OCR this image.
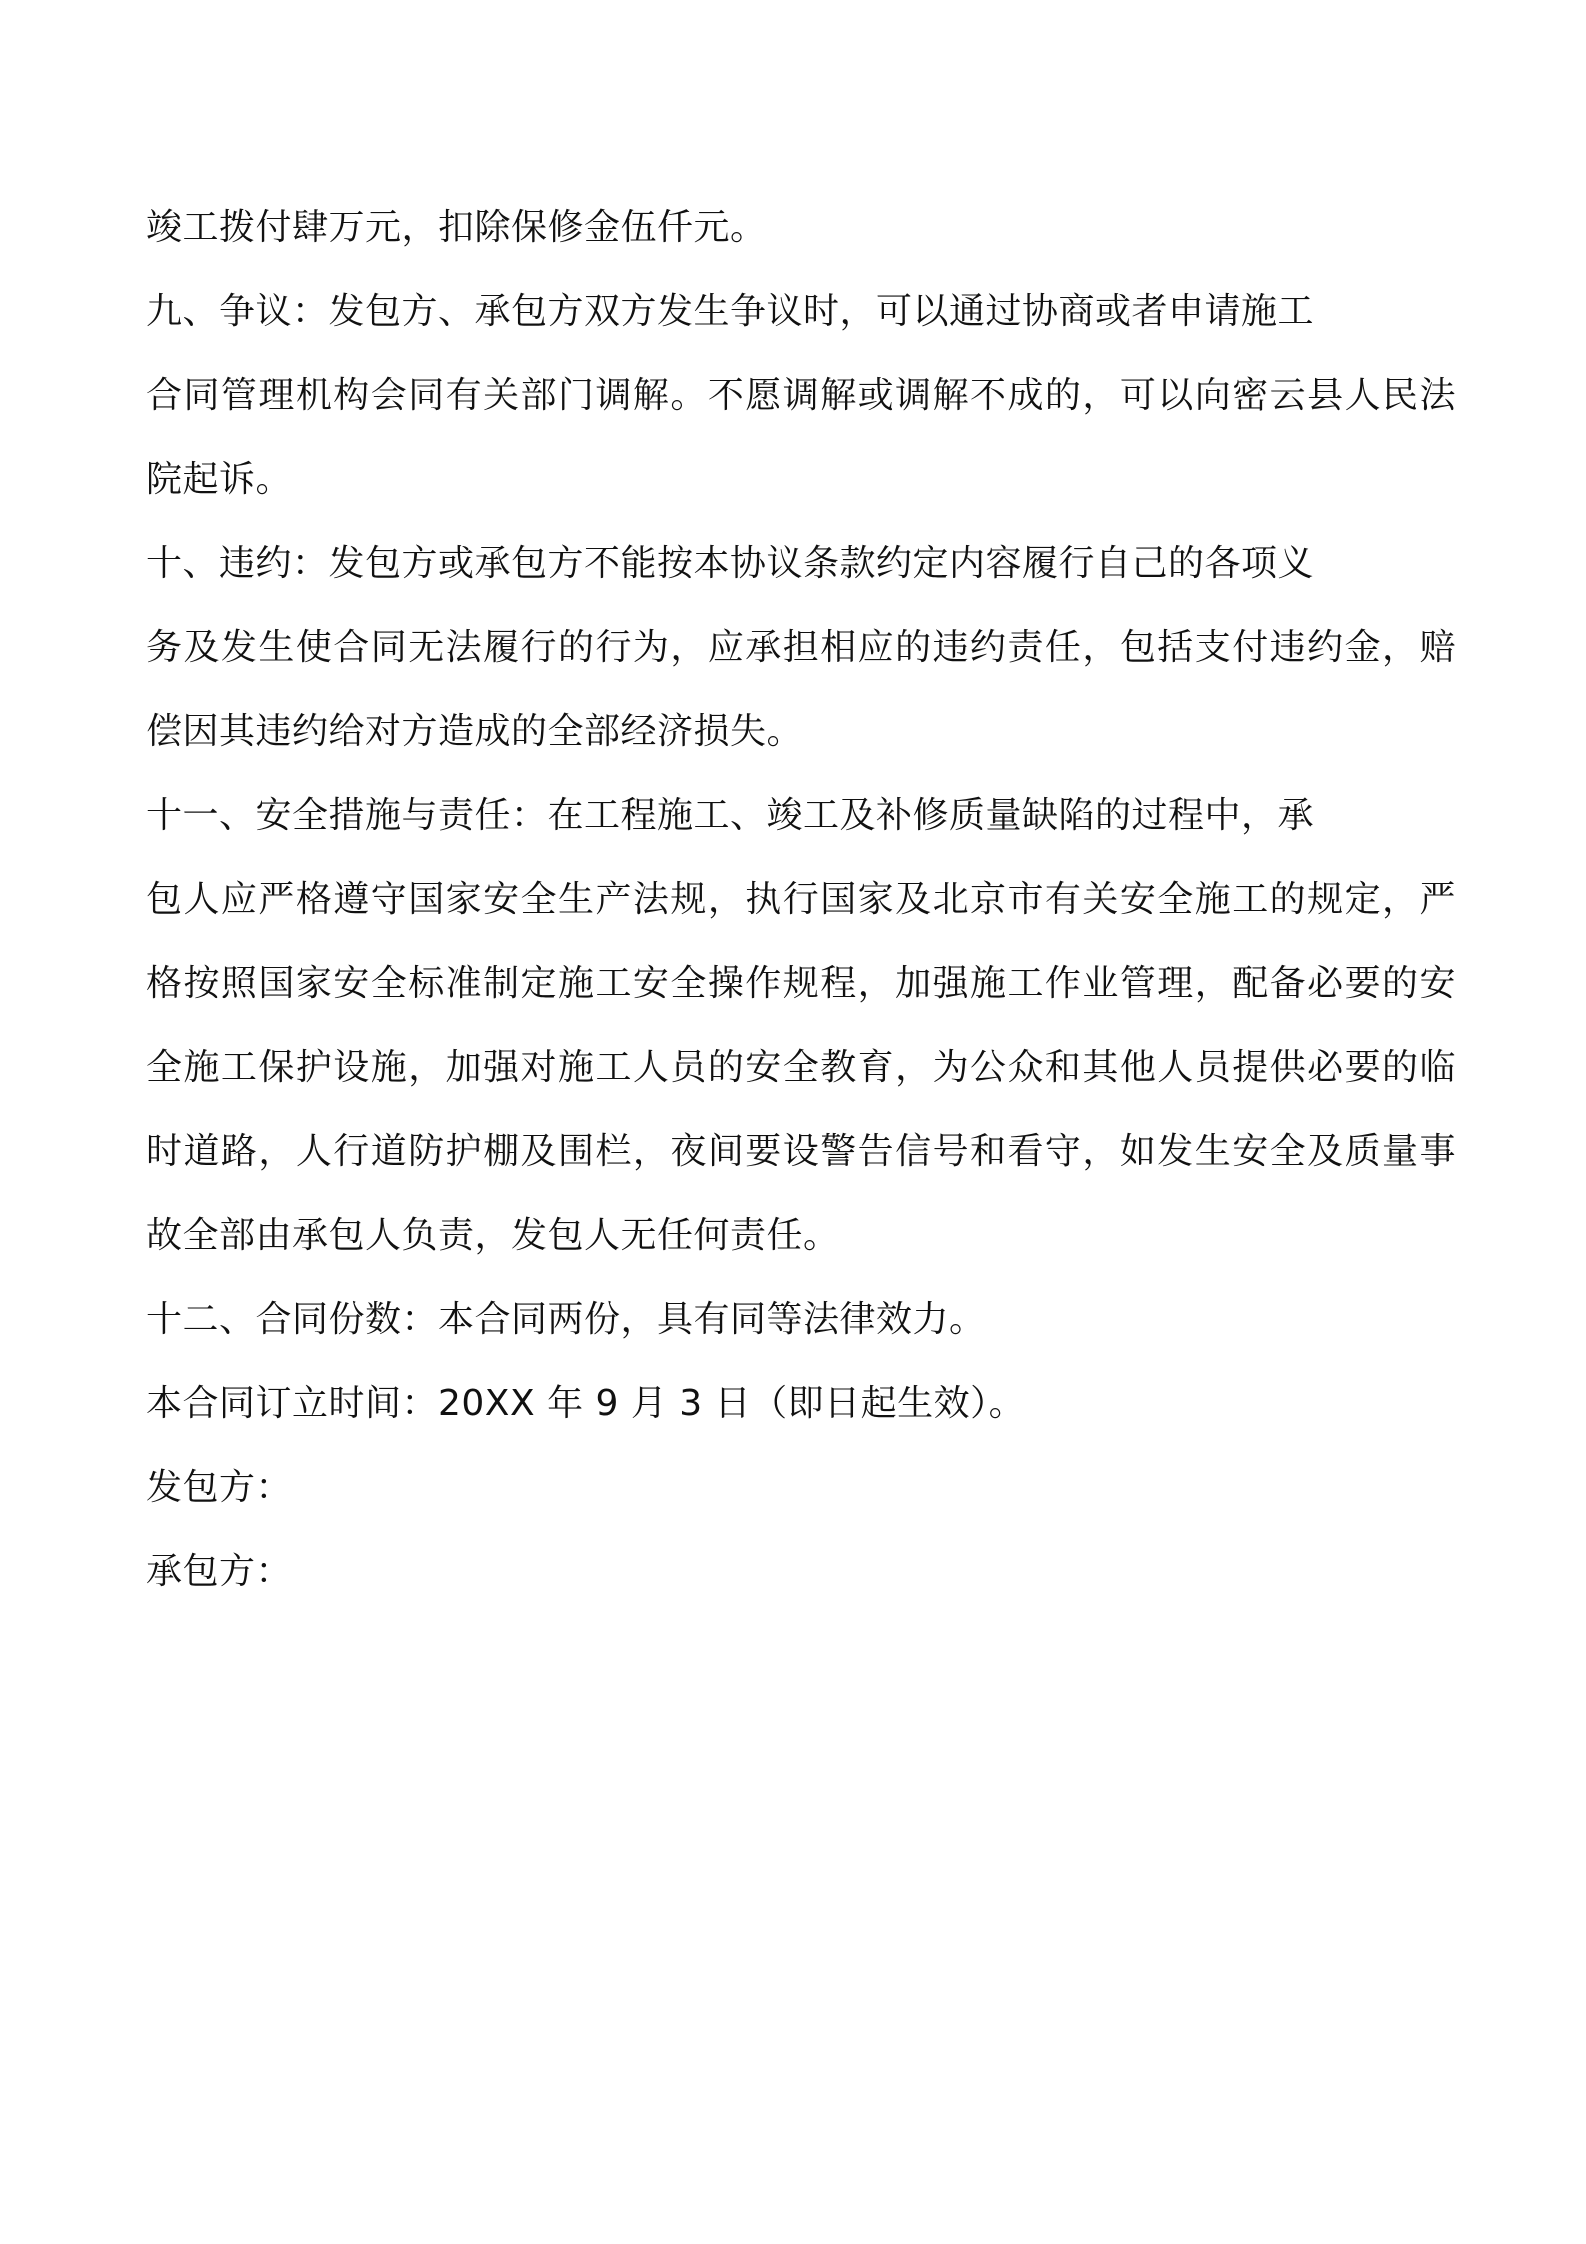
竣工拨付肆万元，扣除保修金伍仟元。
九、争议：发包方、承包方双方发生争议时，可以通过协商或者申请施工
合同管理机构会同有关部门调解。不愿调解或调解不成的，可以向密云县人民法
院起诉。
十、违约：发包方或承包方不能按本协议条款约定内容履行自己的各项义
务及发生使合同无法履行的行为，应承担相应的违约责任，包括支付违约金，赔
偿因其违约给对方造成的全部经济损失。
十一、安全措施与责任：在工程施工、竣工及补修质量缺陷的过程中，承
包人应严格遵守国家安全生产法规，执行国家及北京市有关安全施工的规定，严
格按照国家安全标准制定施工安全操作规程，加强施工作业管理，配备必要的安
全施工保护设施，加强对施工人员的安全教育，为公众和其他人员提供必要的临
时道路，人行道防护棚及围栏，夜间要设警告信号和看守，如发生安全及质量事
故全部由承包人负责，发包人无任何责任。
十二、合同份数：本合同两份，具有同等法律效力。
本合同订立时间：20XX 年 9 月 3 日（即日起生效）。
发包方：
承包方：
